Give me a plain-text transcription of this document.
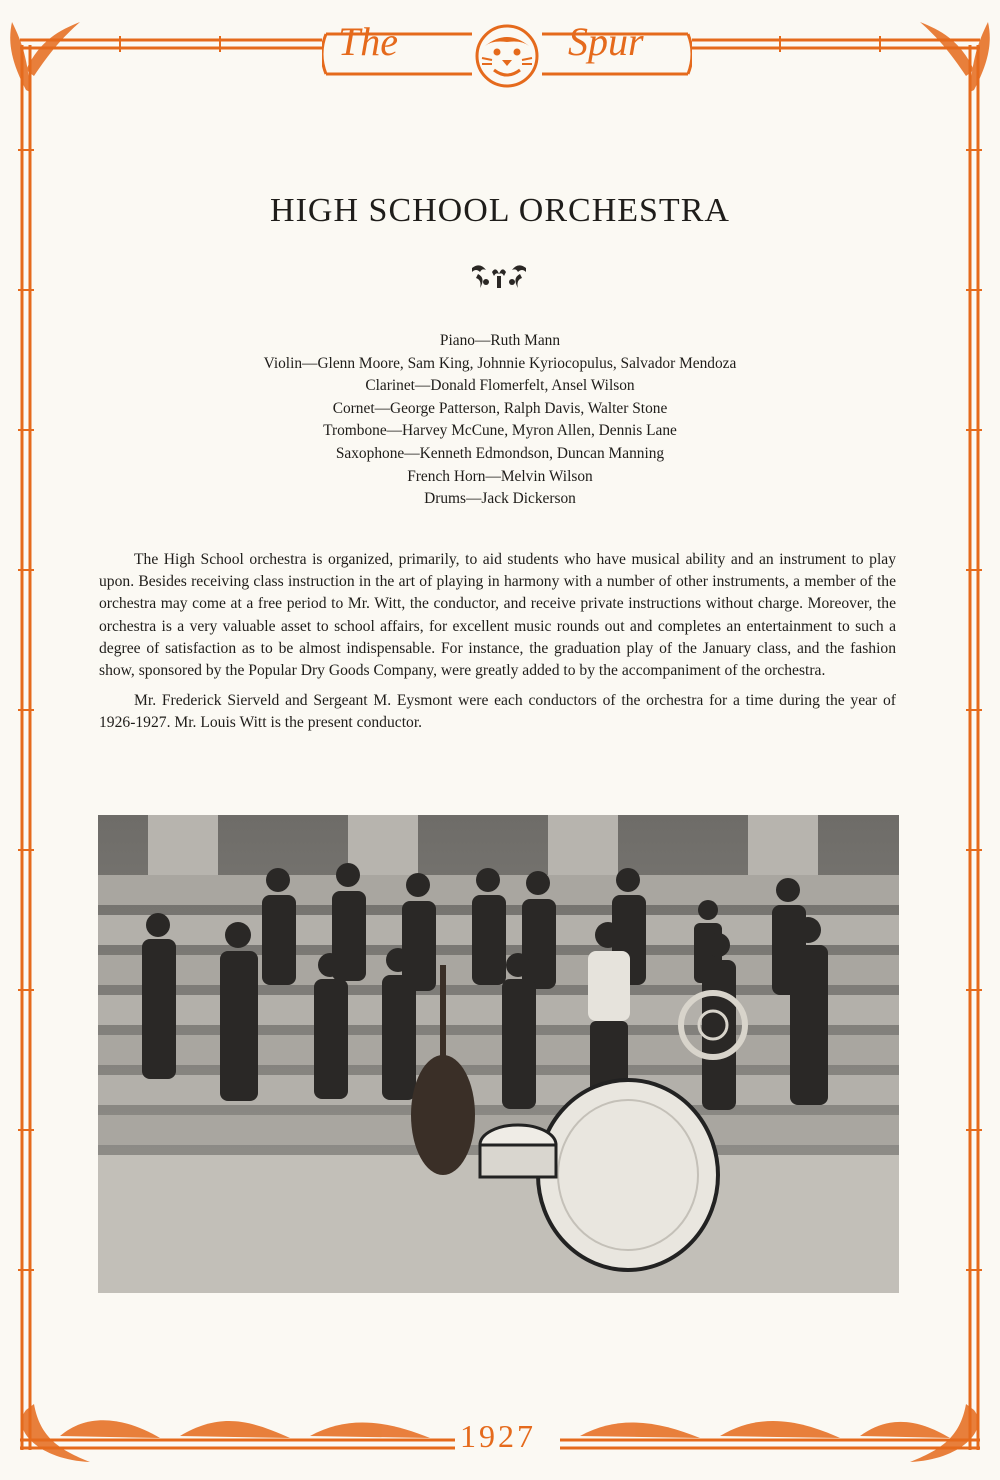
The	Spur
HIGH SCHOOL ORCHESTRA
Piano—Ruth Mann
Violin—Glenn Moore, Sam King, Johnnie Kyriocopulus, Salvador Mendoza
Clarinet—Donald Flomerfelt, Ansel Wilson
Cornet—George Patterson, Ralph Davis, Walter Stone
Trombone—Harvey McCune, Myron Allen, Dennis Lane
Saxophone—Kenneth Edmondson, Duncan Manning
French Horn—Melvin Wilson
Drums—Jack Dickerson

The High School orchestra is organized, primarily, to aid students who have musical ability and an instrument to play upon. Besides receiving class instruction in the art of playing in harmony with a number of other instruments, a member of the orchestra may come at a free period to Mr. Witt, the conductor, and receive private instructions without charge. Moreover, the orchestra is a very valuable asset to school affairs, for excellent music rounds out and completes an entertainment to such a degree of satisfaction as to be almost indispensable. For instance, the graduation play of the January class, and the fashion show, sponsored by the Popular Dry Goods Company, were greatly added to by the accompaniment of the orchestra.

Mr. Frederick Sierveld and Sergeant M. Eysmont were each conductors of the orchestra for a time during the year of 1926-1927. Mr. Louis Witt is the present conductor.

1927
